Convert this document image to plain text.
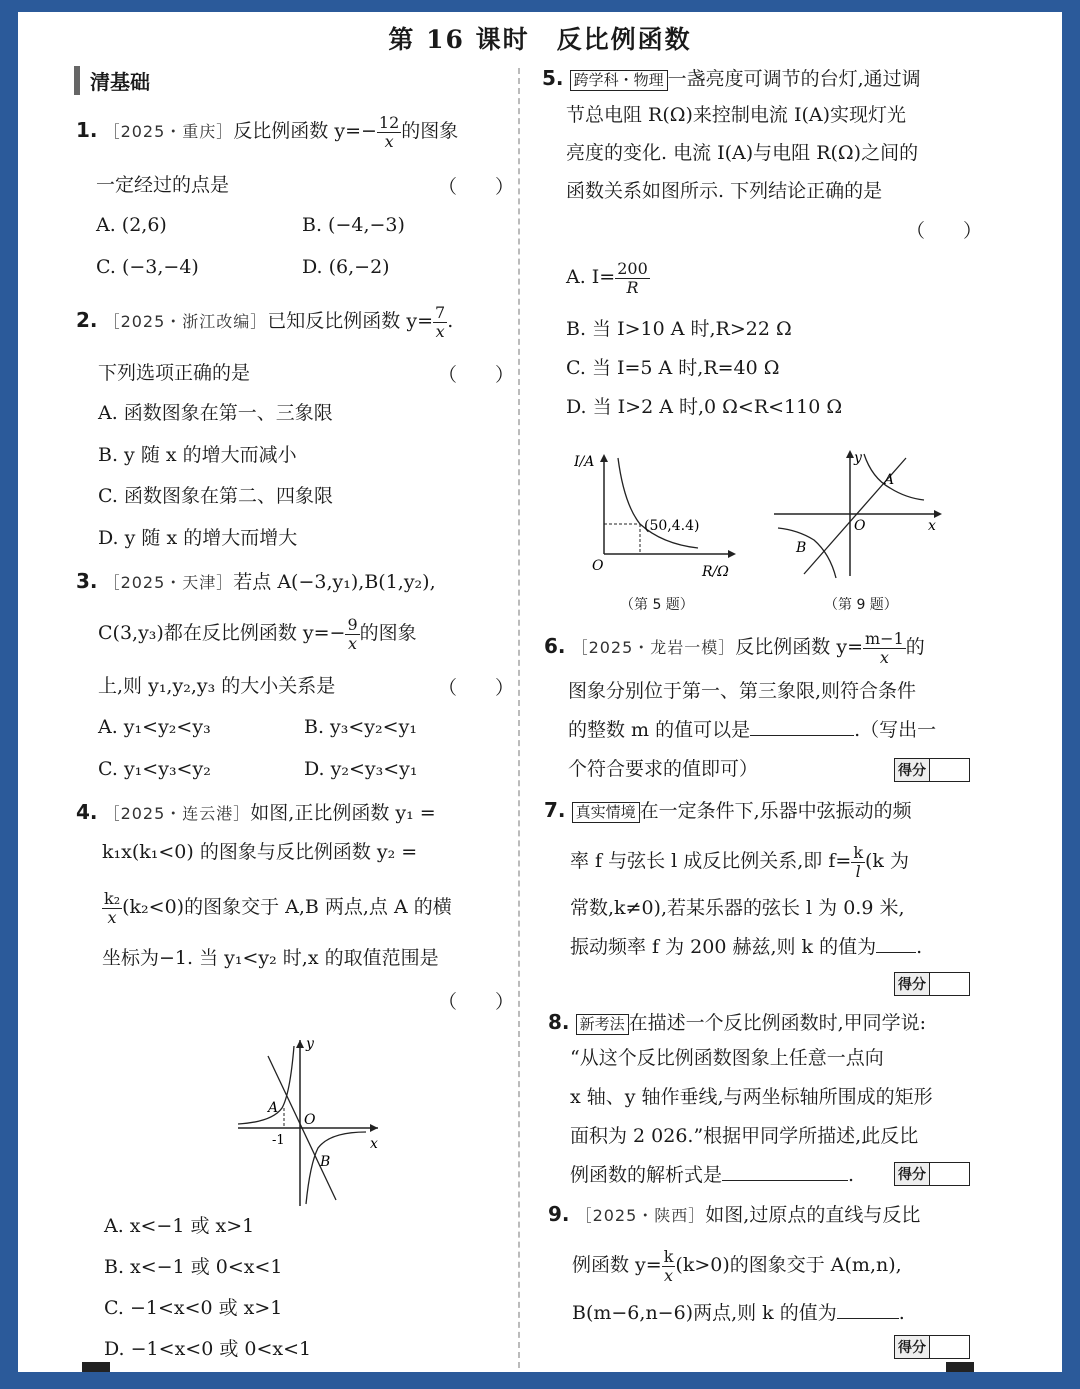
第 16 课时　反比例函数
清基础
1. ［2025・重庆］反比例函数 $y=- \frac{12}{x}$ 的图象
一定经过的点是	（　　）
A. (2,6)	B. (−4,−3)
C. (−3,−4)	D. (6,−2)
2. ［2025・浙江改编］已知反比例函数 $y= \frac{7}{x}$ .
下列选项正确的是	（　　）
A. 函数图象在第一、三象限
B. y 随 x 的增大而减小
C. 函数图象在第二、四象限
D. y 随 x 的增大而增大
3. ［2025・天津］若点 A(−3,y₁),B(1,y₂),
C(3,y₃)都在反比例函数 $y=- \frac{9}{x}$ 的图象
上,则 y₁,y₂,y₃ 的大小关系是	（　　）
A. y₁<y₂<y₃	B. y₃<y₂<y₁
C. y₁<y₃<y₂	D. y₂<y₃<y₁
4. ［2025・连云港］如图,正比例函数 y₁ =
k₁x(k₁<0) 的图象与反比例函数 y₂ =
$\frac{\text{k₂}}{x} (k_2<0)$的图象交于 A,B 两点,点 A 的横
坐标为−1. 当 y₁<y₂ 时,x 的取值范围是
（　　）
y
x
O
A
B
-1
A. x<−1 或 x>1
B. x<−1 或 0<x<1
C. −1<x<0 或 x>1
D. −1<x<0 或 0<x<1
5. 跨学科・物理 一盏亮度可调节的台灯,通过调
节总电阻 R(Ω)来控制电流 I(A)实现灯光
亮度的变化. 电流 I(A)与电阻 R(Ω)之间的
函数关系如图所示. 下列结论正确的是
（　　）
A. $I= \frac{200}{R}$
B. 当 I>10 A 时,R>22 Ω
C. 当 I=5 A 时,R=40 Ω
D. 当 I>2 A 时,0 Ω<R<110 Ω
I/A
R/Ω
O
(50,4.4)
（第 5 题）
y
x
O
A
B
（第 9 题）
6. ［2025・龙岩一模］反比例函数 $y= \frac{m-1}{x}$ 的
图象分别位于第一、第三象限,则符合条件
的整数 m 的值可以是	.（写出一
个符合要求的值即可）	得分
7. 真实情境 在一定条件下,乐器中弦振动的频
率 f 与弦长 l 成反比例关系,即 $f= \frac{k}{l} (k$ 为
常数,k≠0),若某乐器的弦长 l 为 0.9 米,
振动频率 f 为 200 赫兹,则 k 的值为 .
得分
8. 新考法 在描述一个反比例函数时,甲同学说:
“从这个反比例函数图象上任意一点向
x 轴、y 轴作垂线,与两坐标轴所围成的矩形
面积为 2 026.”根据甲同学所描述,此反比
例函数的解析式是	.	得分
9. ［2025・陕西］如图,过原点的直线与反比
例函数 $y= \frac{k}{x} (k>0)$的图象交于 A(m,n),
B(m−6,n−6)两点,则 k 的值为	.
得分
